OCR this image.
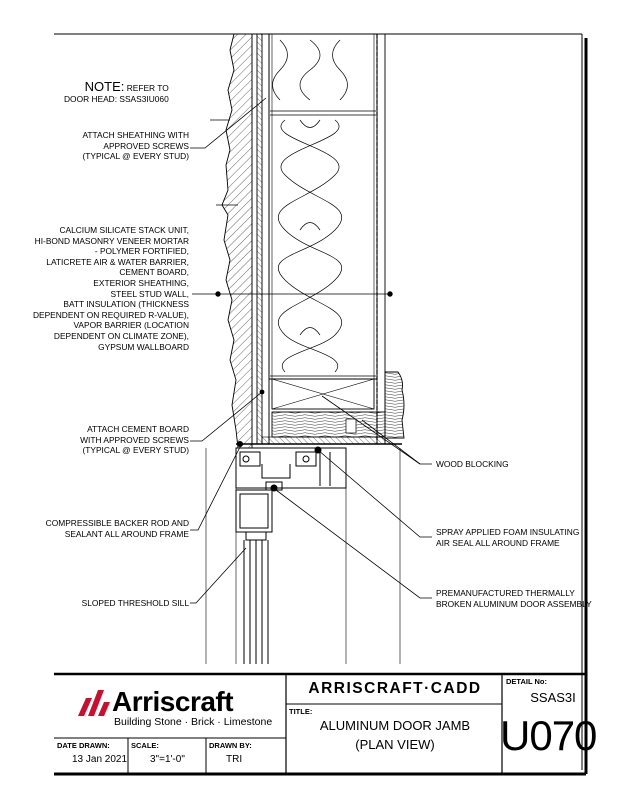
NOTE: REFER TO
DOOR HEAD: SSAS3IU060
ATTACH SHEATHING WITH
APPROVED SCREWS
(TYPICAL @ EVERY STUD)
CALCIUM SILICATE STACK UNIT,
HI-BOND MASONRY VENEER MORTAR
- POLYMER FORTIFIED,
LATICRETE AIR & WATER BARRIER,
CEMENT BOARD,
EXTERIOR SHEATHING,
STEEL STUD WALL,
BATT INSULATION (THICKNESS
DEPENDENT ON REQUIRED R-VALUE),
VAPOR BARRIER (LOCATION
DEPENDENT ON CLIMATE ZONE),
GYPSUM WALLBOARD
ATTACH CEMENT BOARD
WITH APPROVED SCREWS
(TYPICAL @ EVERY STUD)
COMPRESSIBLE BACKER ROD AND
SEALANT ALL AROUND FRAME
SLOPED THRESHOLD SILL
WOOD BLOCKING
SPRAY APPLIED FOAM INSULATING
AIR SEAL ALL AROUND FRAME
PREMANUFACTURED THERMALLY
BROKEN ALUMINUM DOOR ASSEMBLY
Arriscraft
Building Stone · Brick · Limestone
ARRISCRAFT·CADD
TITLE:
ALUMINUM DOOR JAMB
(PLAN VIEW)
DETAIL No:
SSAS3I
U070
DATE DRAWN:
13 Jan 2021
SCALE:
3"=1'-0"
DRAWN BY:
TRI
